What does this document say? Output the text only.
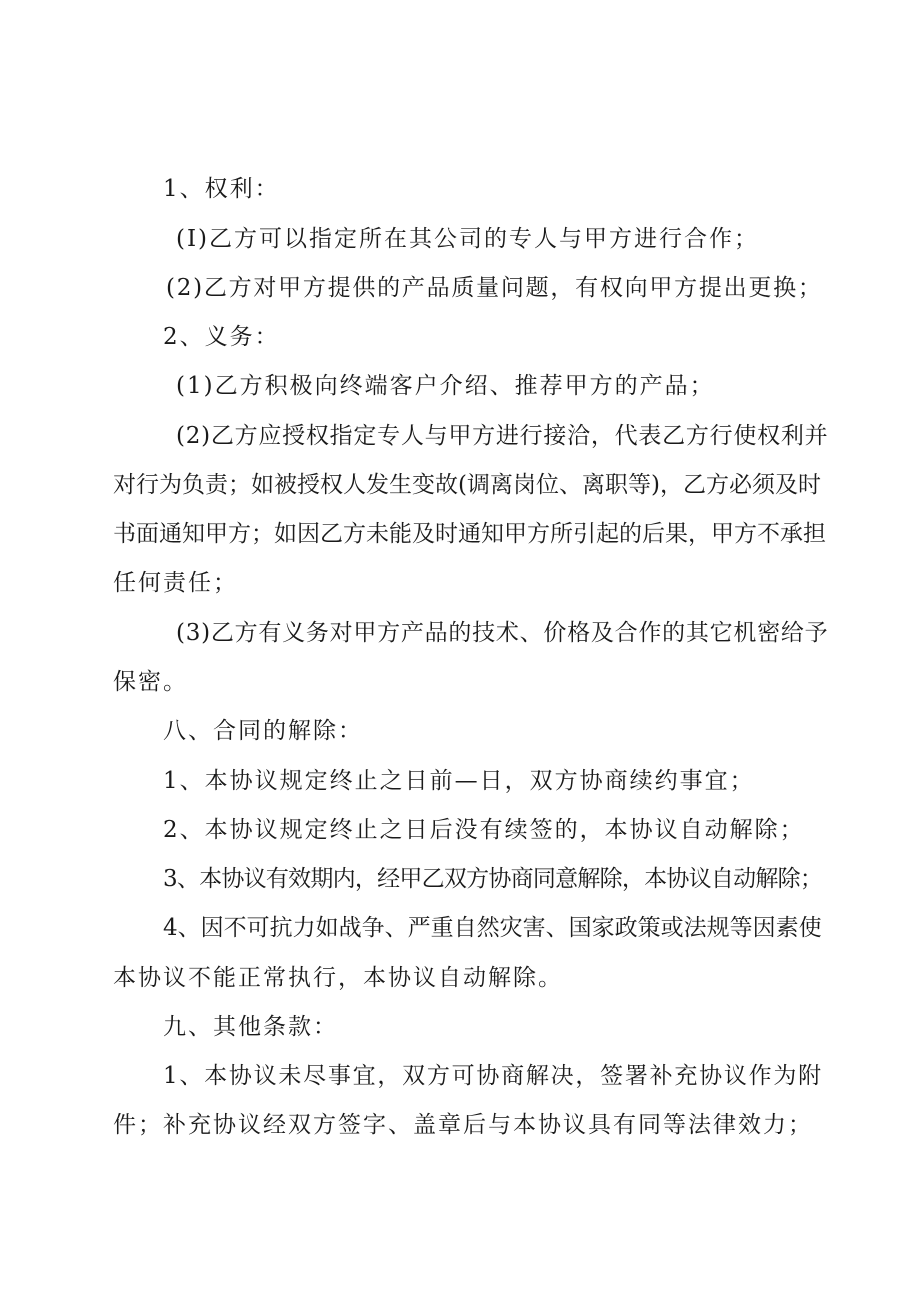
1、权利：

(I)乙方可以指定所在其公司的专人与甲方进行合作；

(2)乙方对甲方提供的产品质量问题，有权向甲方提出更换；

2、义务：

(1)乙方积极向终端客户介绍、推荐甲方的产品；

(2)乙方应授权指定专人与甲方进行接洽，代表乙方行使权利并

对行为负责；如被授权人发生变故(调离岗位、离职等)，乙方必须及时

书面通知甲方；如因乙方未能及时通知甲方所引起的后果，甲方不承担

任何责任；

(3)乙方有义务对甲方产品的技术、价格及合作的其它机密给予

保密。

八、合同的解除：

1、本协议规定终止之日前—日，双方协商续约事宜；

2、本协议规定终止之日后没有续签的，本协议自动解除；

3、本协议有效期内，经甲乙双方协商同意解除，本协议自动解除；

4、因不可抗力如战争、严重自然灾害、国家政策或法规等因素使

本协议不能正常执行，本协议自动解除。

九、其他条款：

1、本协议未尽事宜，双方可协商解决，签署补充协议作为附

件；补充协议经双方签字、盖章后与本协议具有同等法律效力；
